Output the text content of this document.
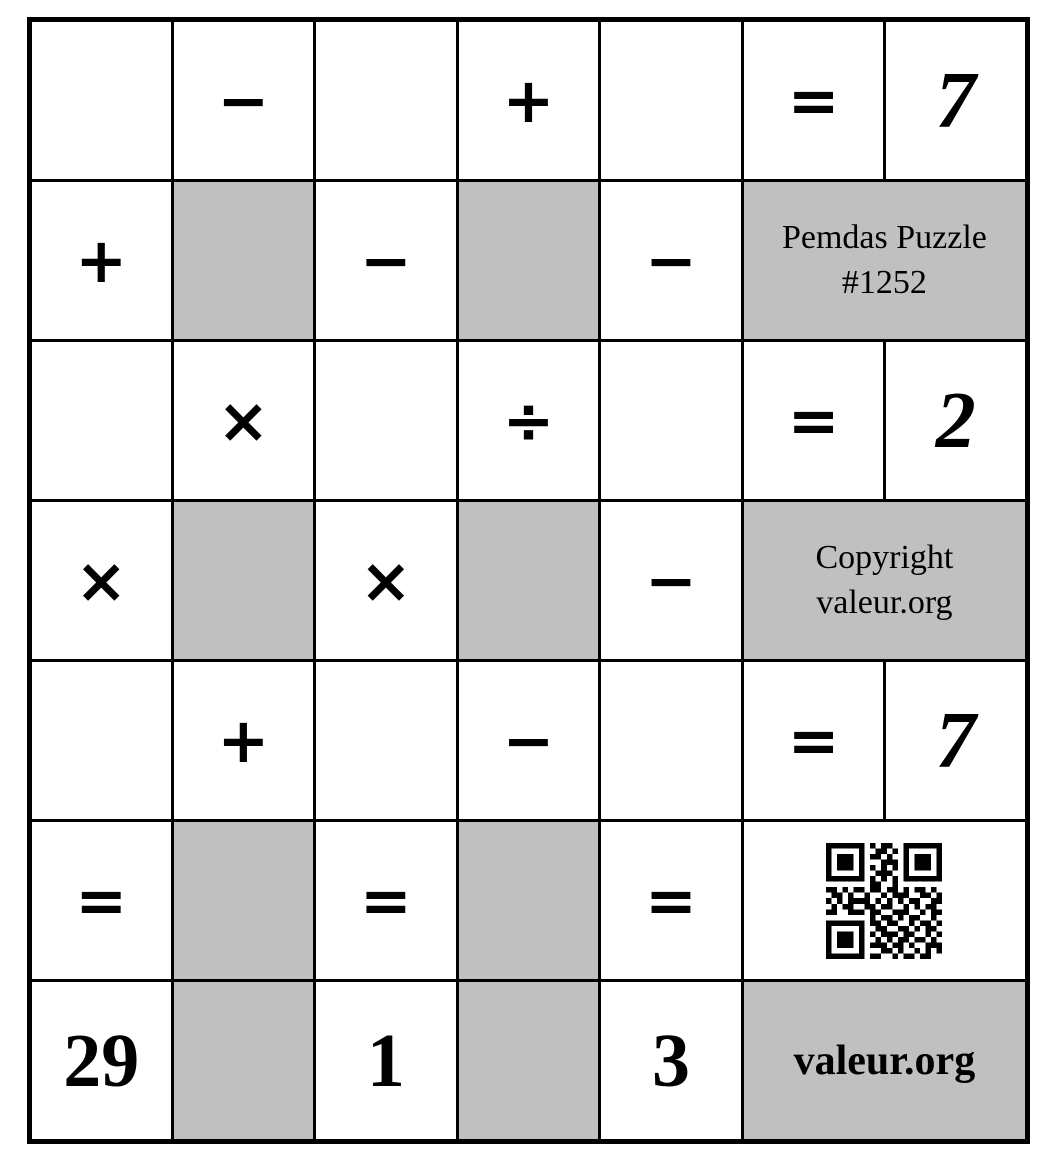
	−		+		=	7
+		−		−	Pemdas Puzzle
#1252	

	×		÷		=	2
×		×		−	Copyright
valeur.org	

	+		−		=	7
=		=		=	

29		1		3	valeur.org	
